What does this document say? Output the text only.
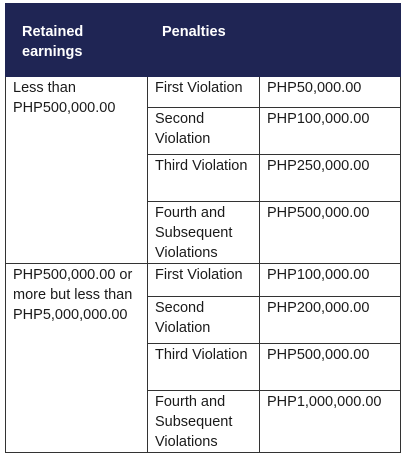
Retained earnings	Penalties	
Less than PHP500,000.00	First Violation	PHP50,000.00
	Second Violation	PHP100,000.00
	Third Violation	PHP250,000.00
	Fourth and Subsequent Violations	PHP500,000.00
PHP500,000.00 or more but less than PHP5,000,000.00	First Violation	PHP100,000.00
	Second Violation	PHP200,000.00
	Third Violation	PHP500,000.00
	Fourth and Subsequent Violations	PHP1,000,000.00
